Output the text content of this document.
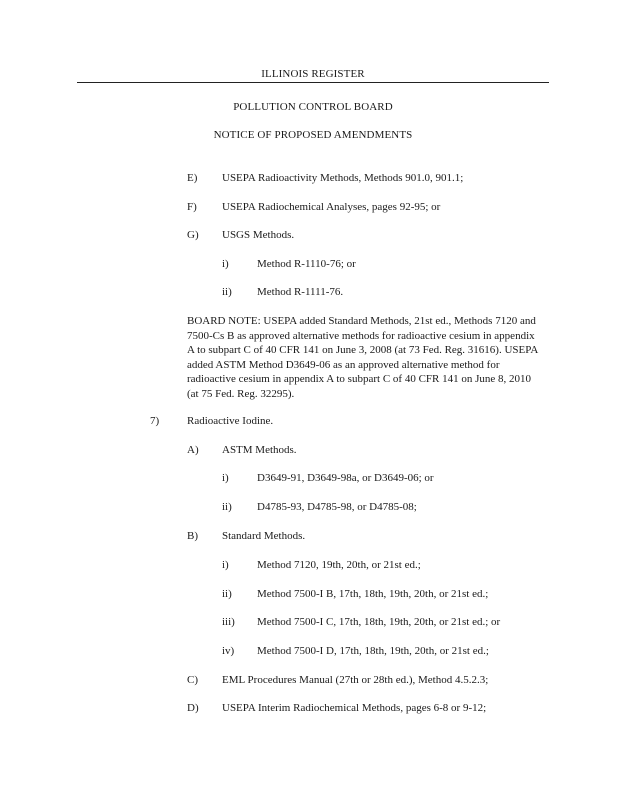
ILLINOIS REGISTER
POLLUTION CONTROL BOARD
NOTICE OF PROPOSED AMENDMENTS
E) USEPA Radioactivity Methods, Methods 901.0, 901.1;
F) USEPA Radiochemical Analyses, pages 92-95; or
G) USGS Methods.
i)	Method R-1110-76; or
ii) Method R-1111-76.
BOARD NOTE: USEPA added Standard Methods, 21st ed., Methods 7120 and 7500-Cs B as approved alternative methods for radioactive cesium in appendix A to subpart C of 40 CFR 141 on June 3, 2008 (at 73 Fed. Reg. 31616). USEPA added ASTM Method D3649-06 as an approved alternative method for radioactive cesium in appendix A to subpart C of 40 CFR 141 on June 8, 2010 (at 75 Fed. Reg. 32295).
7)	Radioactive Iodine.
A) ASTM Methods.
i)	D3649-91, D3649-98a, or D3649-06; or
ii) D4785-93, D4785-98, or D4785-08;
B) Standard Methods.
i)	Method 7120, 19th, 20th, or 21st ed.;
ii) Method 7500-I B, 17th, 18th, 19th, 20th, or 21st ed.;
iii) Method 7500-I C, 17th, 18th, 19th, 20th, or 21st ed.; or
iv) Method 7500-I D, 17th, 18th, 19th, 20th, or 21st ed.;
C) EML Procedures Manual (27th or 28th ed.), Method 4.5.2.3;
D) USEPA Interim Radiochemical Methods, pages 6-8 or 9-12;
